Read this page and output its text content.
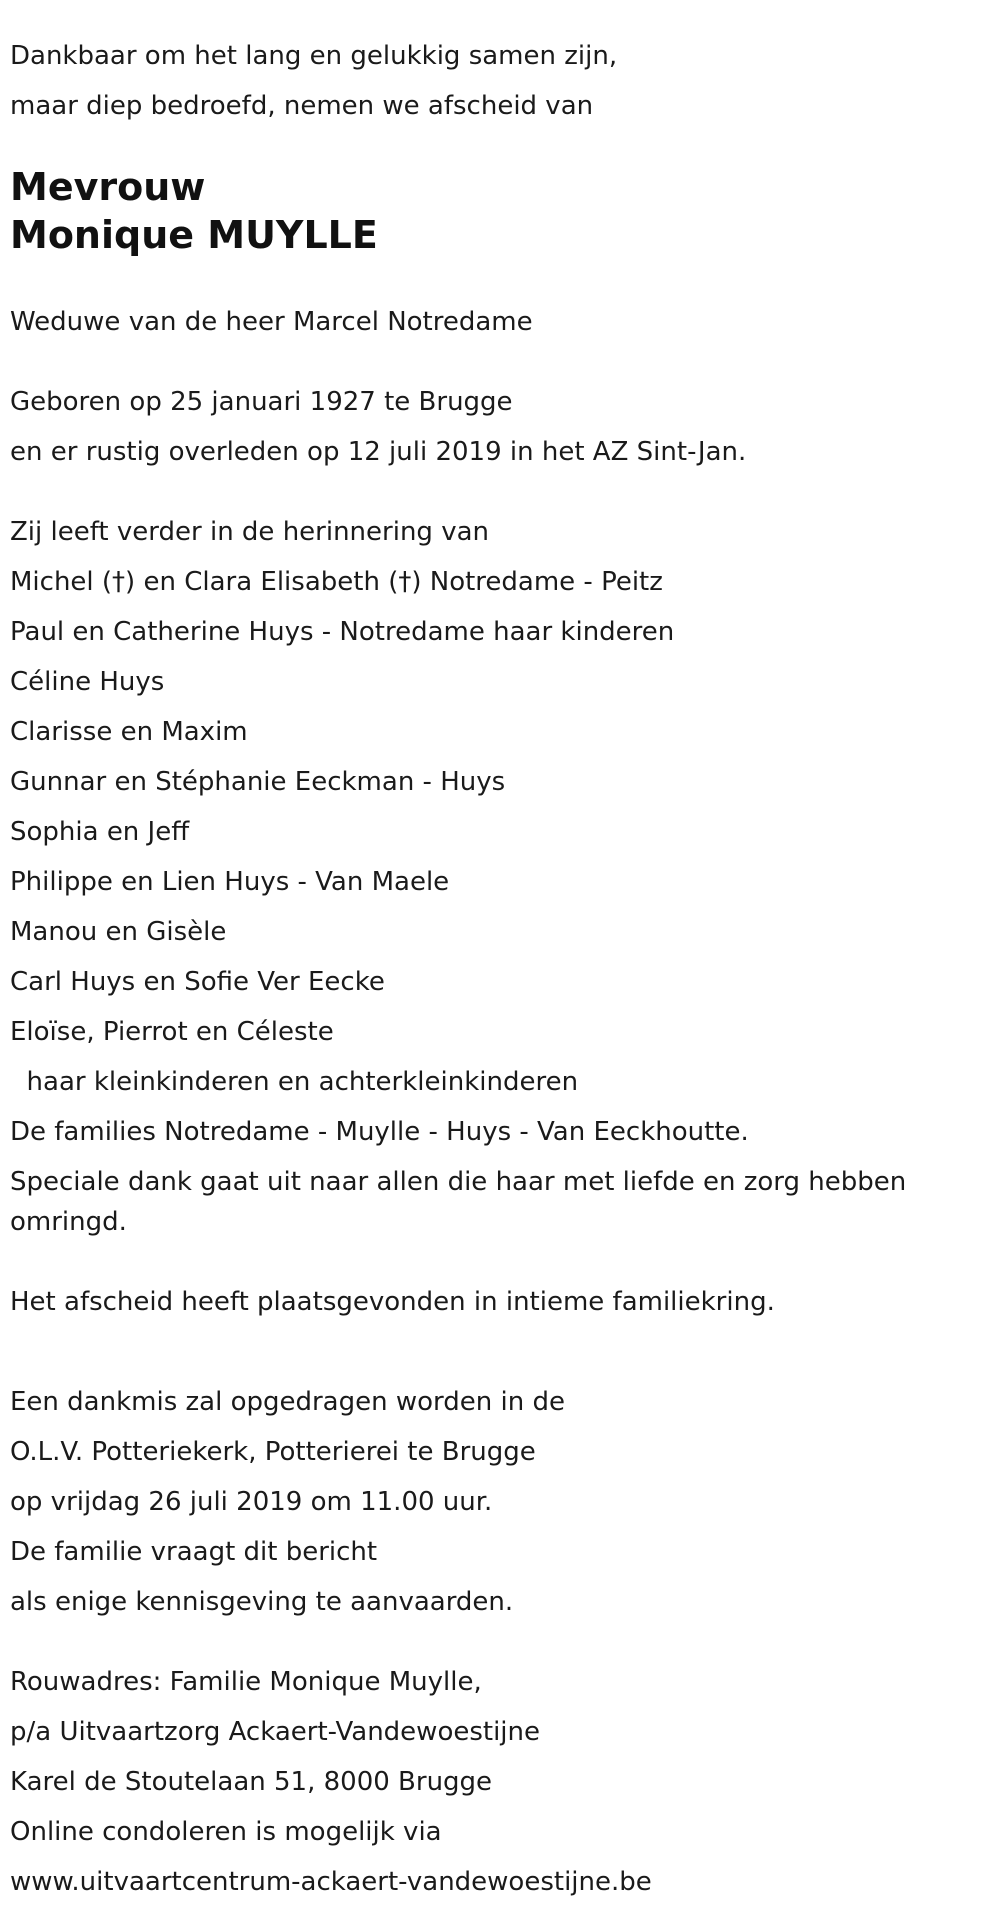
Dankbaar om het lang en gelukkig samen zijn,
maar diep bedroefd, nemen we afscheid van
Mevrouw
Monique MUYLLE
Weduwe van de heer Marcel Notredame
Geboren op 25 januari 1927 te Brugge
en er rustig overleden op 12 juli 2019 in het AZ Sint-Jan.
Zij leeft verder in de herinnering van
Michel (†) en Clara Elisabeth (†) Notredame - Peitz
Paul en Catherine Huys - Notredame haar kinderen
Céline Huys
Clarisse en Maxim
Gunnar en Stéphanie Eeckman - Huys
Sophia en Jeff
Philippe en Lien Huys - Van Maele
Manou en Gisèle
Carl Huys en Sofie Ver Eecke
Eloïse, Pierrot en Céleste
haar kleinkinderen en achterkleinkinderen
De families Notredame - Muylle - Huys - Van Eeckhoutte.
Speciale dank gaat uit naar allen die haar met liefde en zorg hebben omringd.
Het afscheid heeft plaatsgevonden in intieme familiekring.
Een dankmis zal opgedragen worden in de
O.L.V. Potteriekerk, Potterierei te Brugge
op vrijdag 26 juli 2019 om 11.00 uur.
De familie vraagt dit bericht
als enige kennisgeving te aanvaarden.
Rouwadres: Familie Monique Muylle,
p/a Uitvaartzorg Ackaert-Vandewoestijne
Karel de Stoutelaan 51, 8000 Brugge
Online condoleren is mogelijk via
www.uitvaartcentrum-ackaert-vandewoestijne.be
